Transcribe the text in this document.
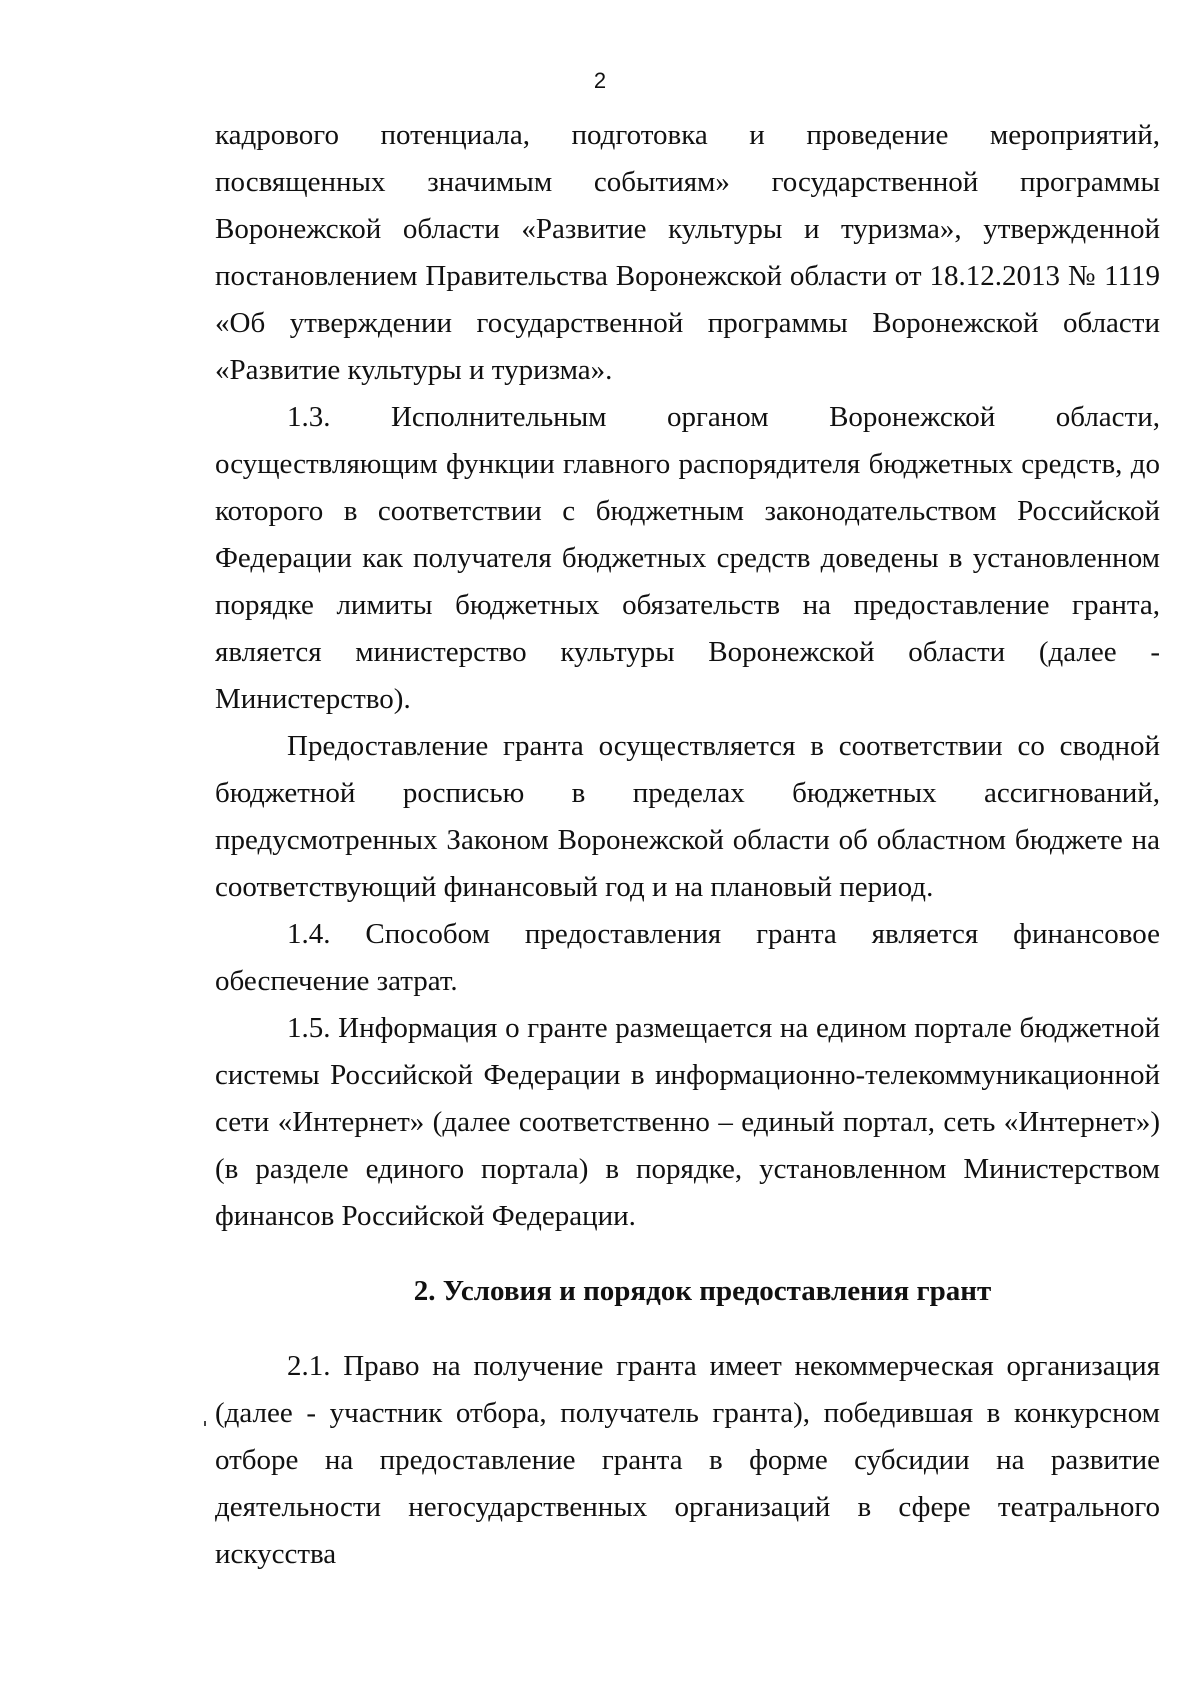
2

кадрового потенциала, подготовка и проведение мероприятий, посвященных значимым событиям» государственной программы Воронежской области «Развитие культуры и туризма», утвержденной постановлением Правительства Воронежской области от 18.12.2013 № 1119 «Об утверждении государственной программы Воронежской области «Развитие культуры и туризма».

1.3. Исполнительным органом Воронежской области, осуществляющим функции главного распорядителя бюджетных средств, до которого в соответствии с бюджетным законодательством Российской Федерации как получателя бюджетных средств доведены в установленном порядке лимиты бюджетных обязательств на предоставление гранта, является министерство культуры Воронежской области (далее - Министерство).

Предоставление гранта осуществляется в соответствии со сводной бюджетной росписью в пределах бюджетных ассигнований, предусмотренных Законом Воронежской области об областном бюджете на соответствующий финансовый год и на плановый период.

1.4. Способом предоставления гранта является финансовое обеспечение затрат.

1.5. Информация о гранте размещается на едином портале бюджетной системы Российской Федерации в информационно-телекоммуникационной сети «Интернет» (далее соответственно – единый портал, сеть «Интернет») (в разделе единого портала) в порядке, установленном Министерством финансов Российской Федерации.

2. Условия и порядок предоставления грант

2.1. Право на получение гранта имеет некоммерческая организация (далее - участник отбора, получатель гранта), победившая в конкурсном отборе на предоставление гранта в форме субсидии на развитие деятельности негосударственных организаций в сфере театрального искусства
